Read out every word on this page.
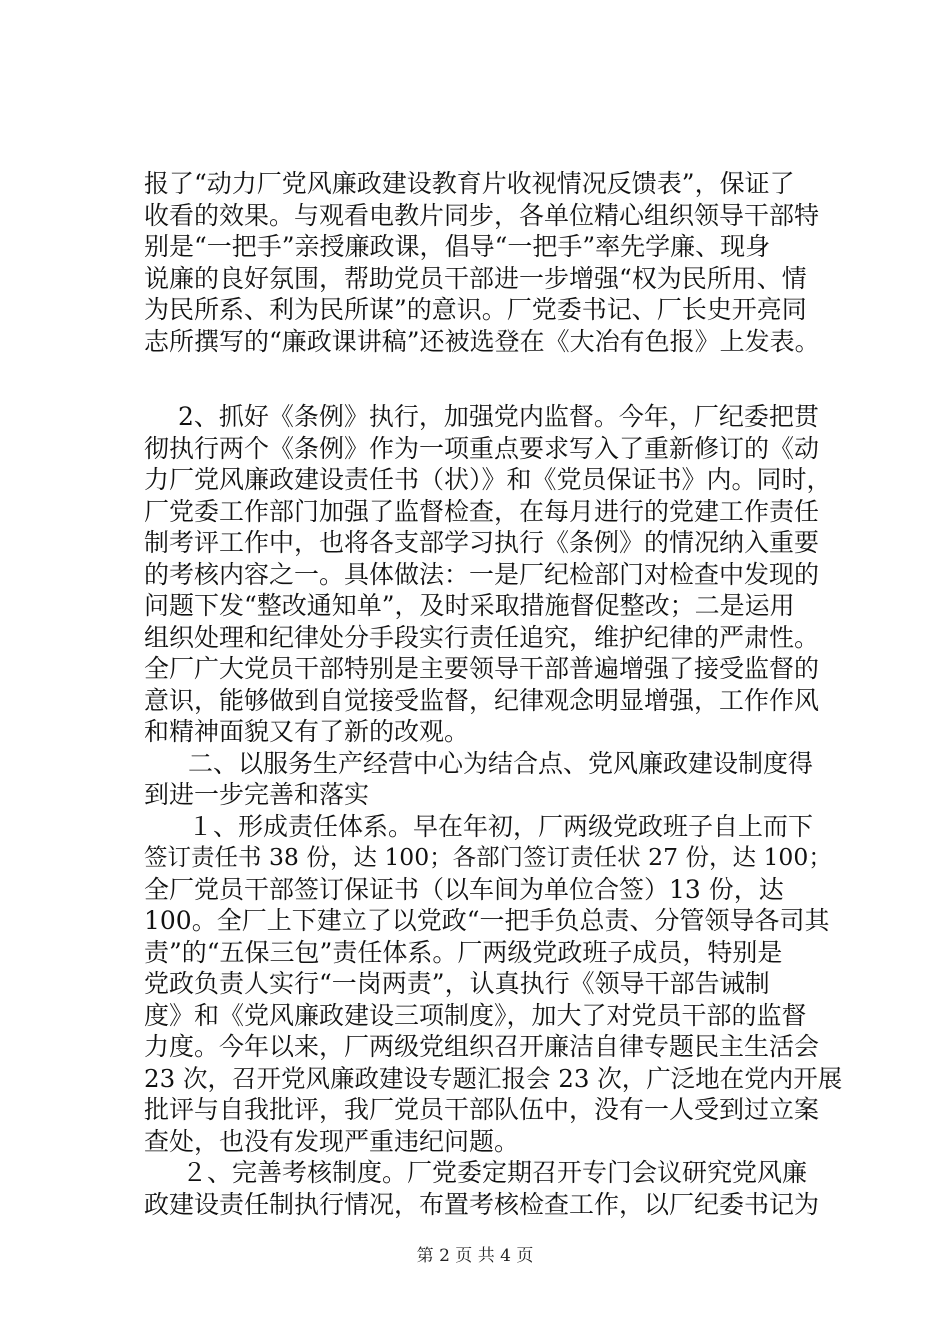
报了“动力厂党风廉政建设教育片收视情况反馈表”，保证了
收看的效果。与观看电教片同步，各单位精心组织领导干部特
别是“一把手”亲授廉政课，倡导“一把手”率先学廉、现身
说廉的良好氛围，帮助党员干部进一步增强“权为民所用、情
为民所系、利为民所谋”的意识。厂党委书记、厂长史开亮同
志所撰写的“廉政课讲稿”还被选登在《大冶有色报》上发表。
2、抓好《条例》执行，加强党内监督。今年，厂纪委把贯
彻执行两个《条例》作为一项重点要求写入了重新修订的《动
力厂党风廉政建设责任书（状）》和《党员保证书》内。同时，
厂党委工作部门加强了监督检查，在每月进行的党建工作责任
制考评工作中，也将各支部学习执行《条例》的情况纳入重要
的考核内容之一。具体做法：一是厂纪检部门对检查中发现的
问题下发“整改通知单”，及时采取措施督促整改；二是运用
组织处理和纪律处分手段实行责任追究，维护纪律的严肃性。
全厂广大党员干部特别是主要领导干部普遍增强了接受监督的
意识，能够做到自觉接受监督，纪律观念明显增强，工作作风
和精神面貌又有了新的改观。
二、以服务生产经营中心为结合点、党风廉政建设制度得
到进一步完善和落实
１、形成责任体系。早在年初，厂两级党政班子自上而下
签订责任书 38 份，达 100；各部门签订责任状 27 份，达 100；
全厂党员干部签订保证书（以车间为单位合签）13 份，达
100。全厂上下建立了以党政“一把手负总责、分管领导各司其
责”的“五保三包”责任体系。厂两级党政班子成员，特别是
党政负责人实行“一岗两责”，认真执行《领导干部告诫制
度》和《党风廉政建设三项制度》，加大了对党员干部的监督
力度。今年以来，厂两级党组织召开廉洁自律专题民主生活会
23 次，召开党风廉政建设专题汇报会 23 次，广泛地在党内开展
批评与自我批评，我厂党员干部队伍中，没有一人受到过立案
查处，也没有发现严重违纪问题。
２、完善考核制度。厂党委定期召开专门会议研究党风廉
政建设责任制执行情况，布置考核检查工作，以厂纪委书记为
第 2 页 共 4 页
